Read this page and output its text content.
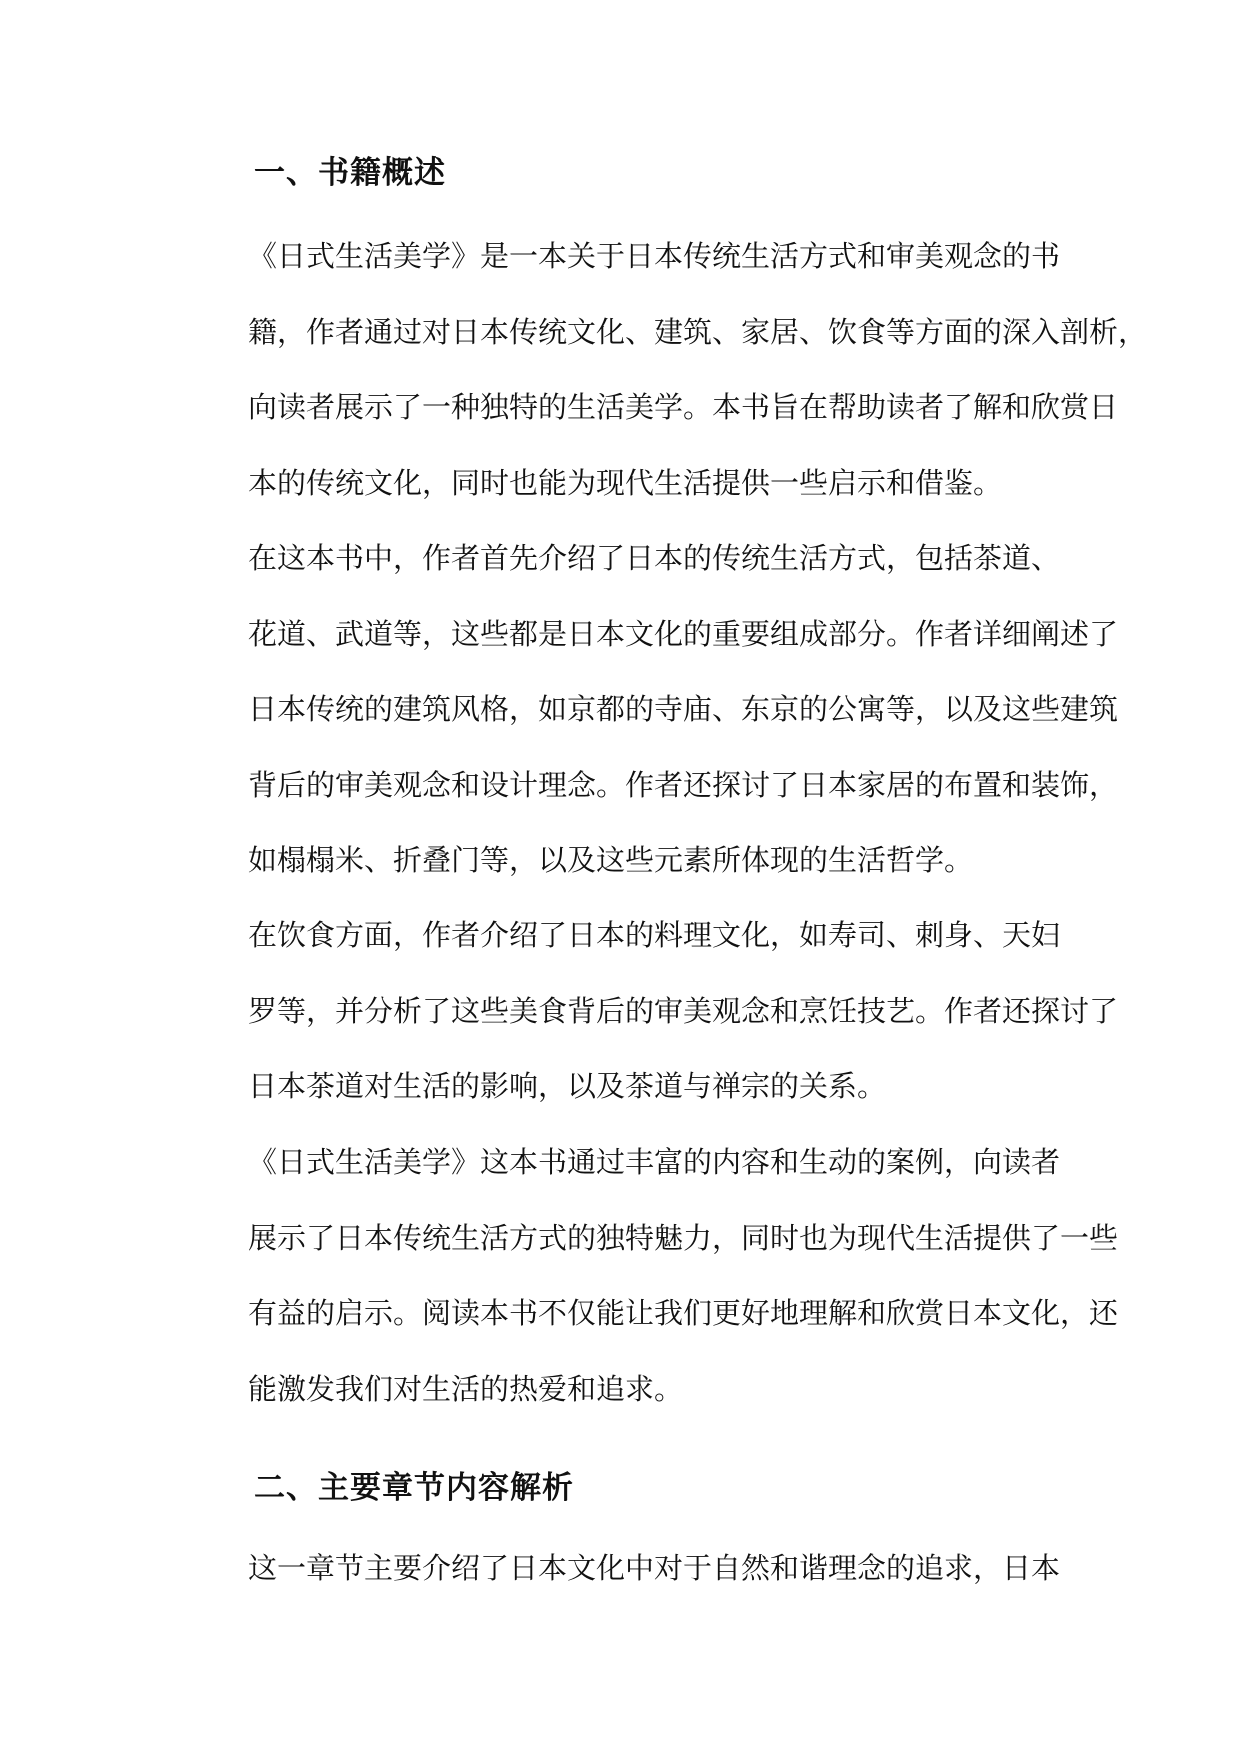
一、书籍概述

《日式生活美学》是一本关于日本传统生活方式和审美观念的书
籍，作者通过对日本传统文化、建筑、家居、饮食等方面的深入剖析，
向读者展示了一种独特的生活美学。本书旨在帮助读者了解和欣赏日
本的传统文化，同时也能为现代生活提供一些启示和借鉴。

在这本书中，作者首先介绍了日本的传统生活方式，包括茶道、
花道、武道等，这些都是日本文化的重要组成部分。作者详细阐述了
日本传统的建筑风格，如京都的寺庙、东京的公寓等，以及这些建筑
背后的审美观念和设计理念。作者还探讨了日本家居的布置和装饰，
如榻榻米、折叠门等，以及这些元素所体现的生活哲学。

在饮食方面，作者介绍了日本的料理文化，如寿司、刺身、天妇
罗等，并分析了这些美食背后的审美观念和烹饪技艺。作者还探讨了
日本茶道对生活的影响，以及茶道与禅宗的关系。

《日式生活美学》这本书通过丰富的内容和生动的案例，向读者
展示了日本传统生活方式的独特魅力，同时也为现代生活提供了一些
有益的启示。阅读本书不仅能让我们更好地理解和欣赏日本文化，还
能激发我们对生活的热爱和追求。

二、主要章节内容解析

这一章节主要介绍了日本文化中对于自然和谐理念的追求，日本
